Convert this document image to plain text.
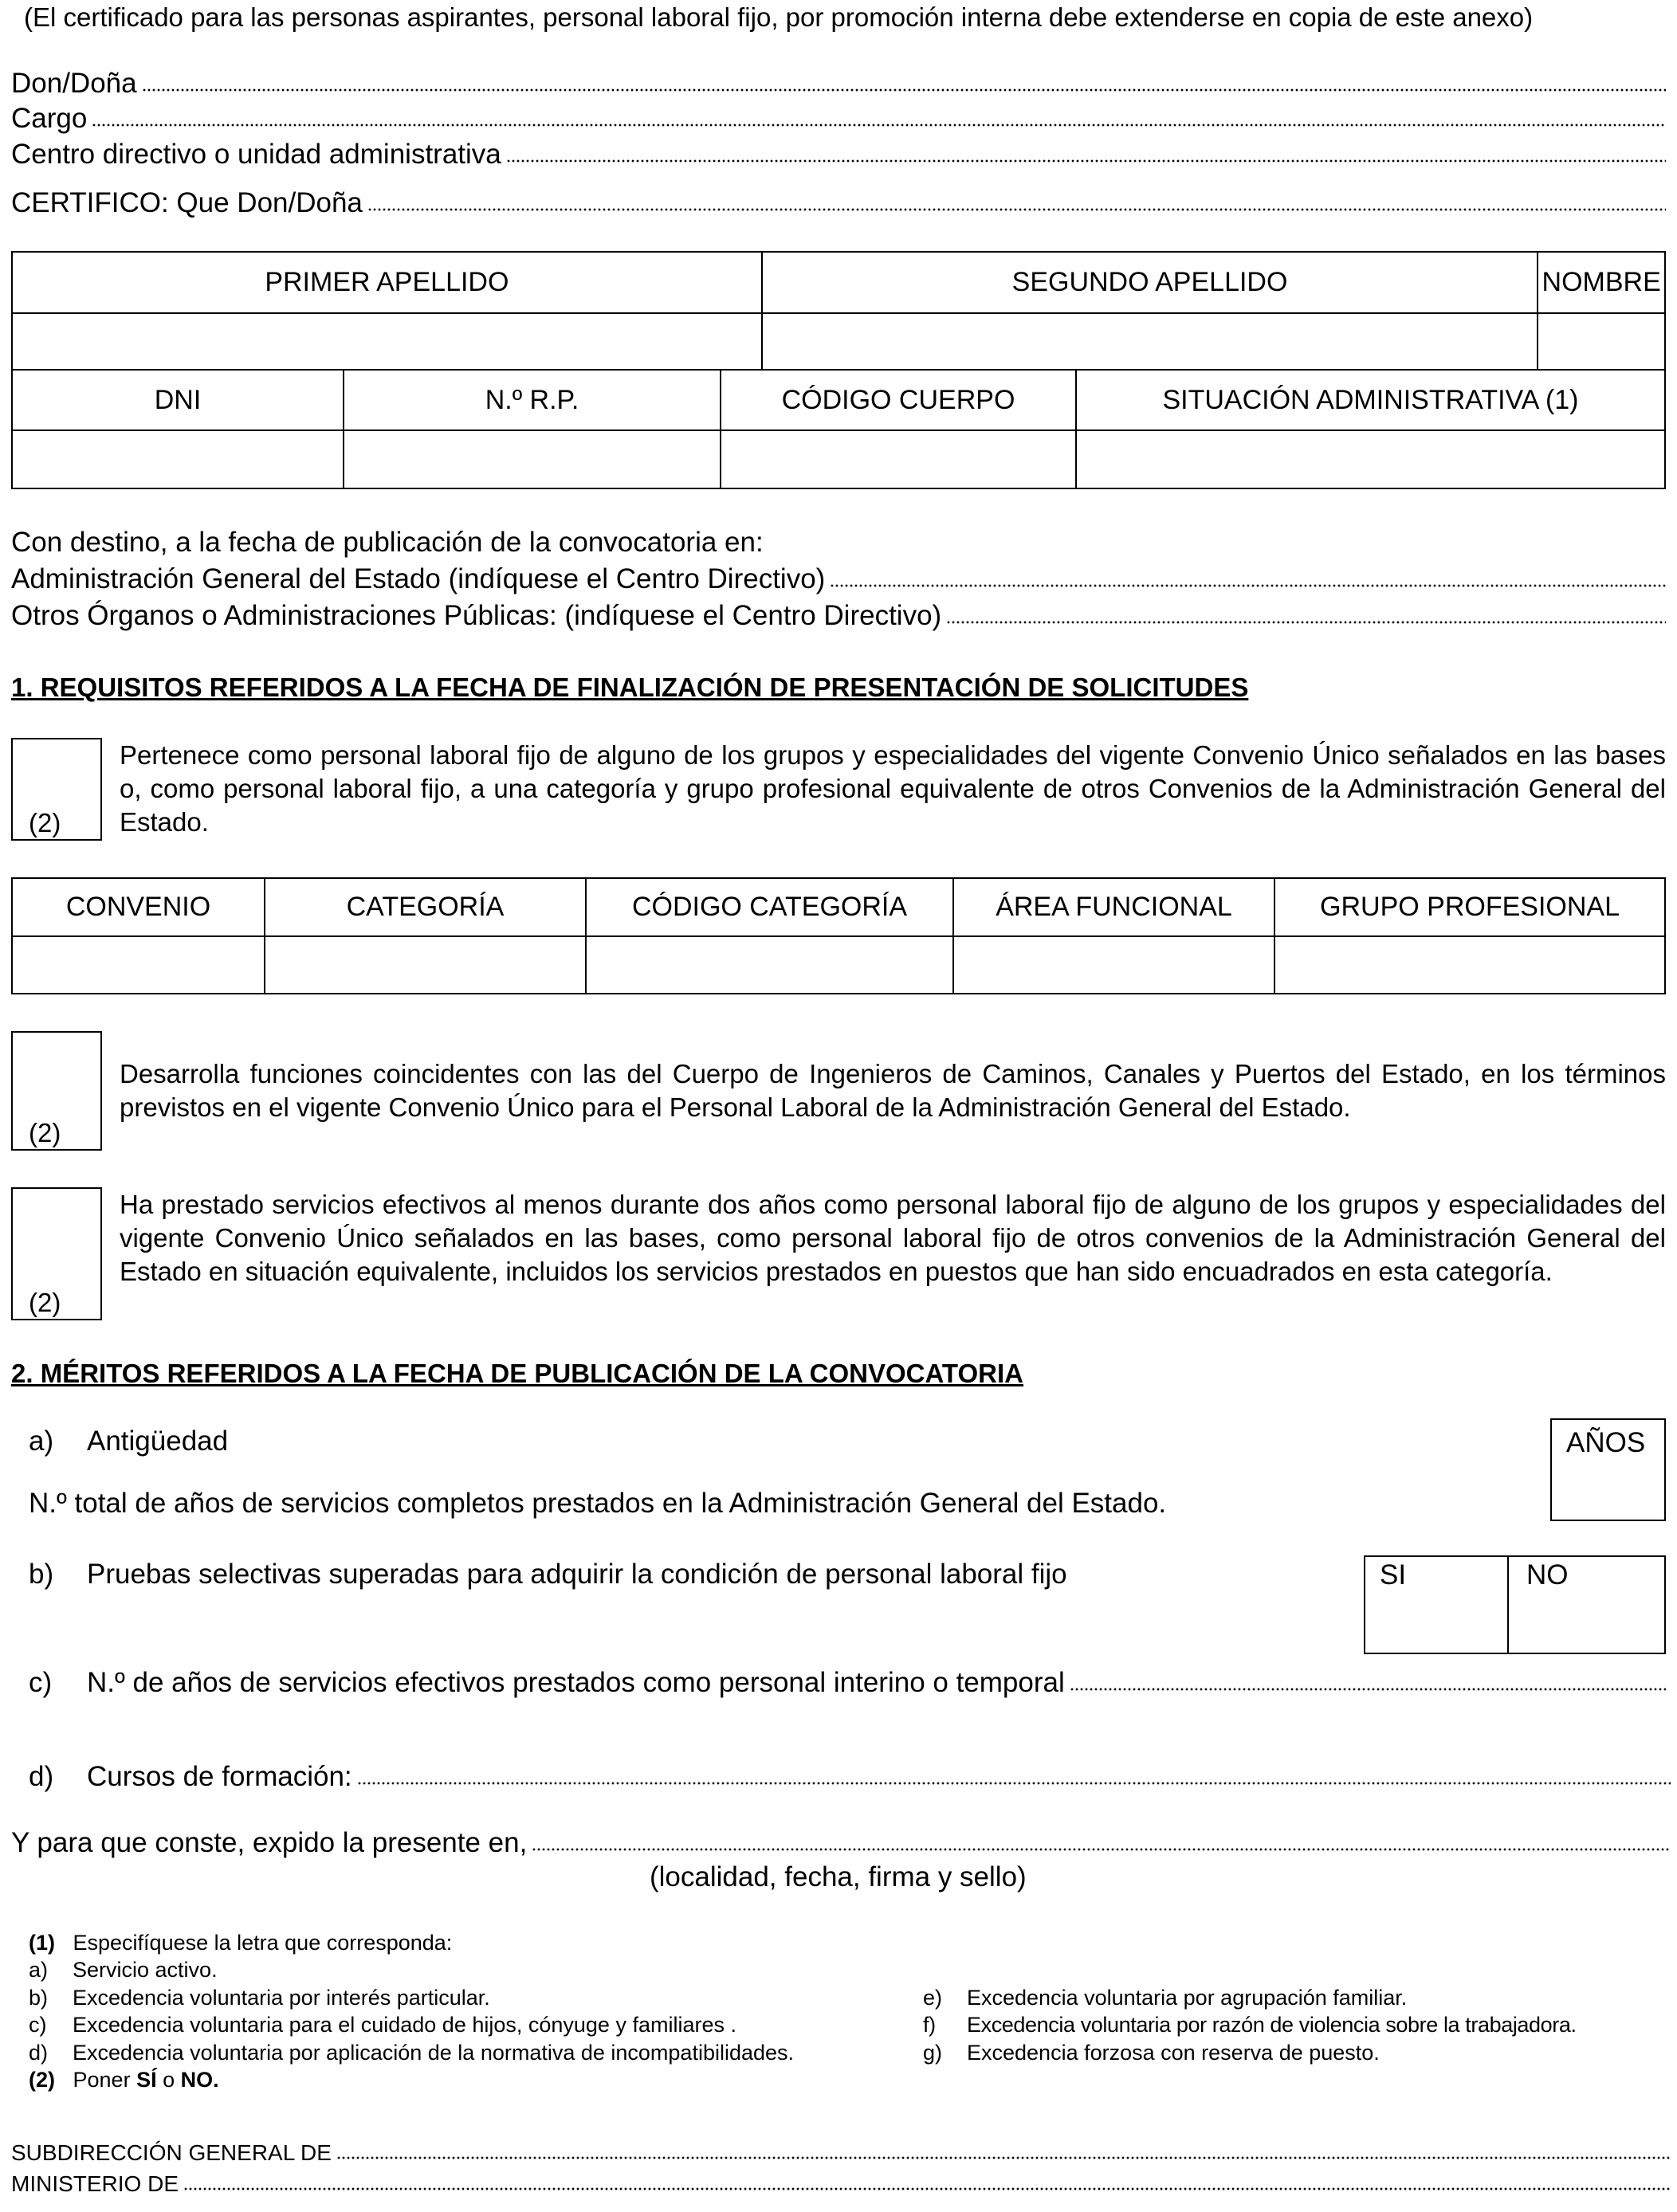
(El certificado para las personas aspirantes, personal laboral fijo, por promoción interna debe extenderse en copia de este anexo)
Don/Doña
Cargo
Centro directivo o unidad administrativa
CERTIFICO: Que Don/Doña
PRIMER APELLIDO	SEGUNDO APELLIDO	NOMBRE

DNI	N.º R.P.	CÓDIGO CUERPO	SITUACIÓN ADMINISTRATIVA (1)

Con destino, a la fecha de publicación de la convocatoria en:
Administración General del Estado (indíquese el Centro Directivo)
Otros Órganos o Administraciones Públicas: (indíquese el Centro Directivo)
1. REQUISITOS REFERIDOS A LA FECHA DE FINALIZACIÓN DE PRESENTACIÓN DE SOLICITUDES
(2)
Pertenece como personal laboral fijo de alguno de los grupos y especialidades del vigente Convenio Único señalados en las bases o, como personal laboral fijo, a una categoría y grupo profesional equivalente de otros Convenios de la Administración General del Estado.
CONVENIO	CATEGORÍA	CÓDIGO CATEGORÍA	ÁREA FUNCIONAL	GRUPO PROFESIONAL

(2)
Desarrolla funciones coincidentes con las del Cuerpo de Ingenieros de Caminos, Canales y Puertos del Estado, en los términos previstos en el vigente Convenio Único para el Personal Laboral de la Administración General del Estado.
(2)
Ha prestado servicios efectivos al menos durante dos años como personal laboral fijo de alguno de los grupos y especialidades del vigente Convenio Único señalados en las bases, como personal laboral fijo de otros convenios de la Administración General del Estado en situación equivalente, incluidos los servicios prestados en puestos que han sido encuadrados en esta categoría.
2. MÉRITOS REFERIDOS A LA FECHA DE PUBLICACIÓN DE LA CONVOCATORIA
a) Antigüedad	AÑOS
N.º total de años de servicios completos prestados en la Administración General del Estado.
b) Pruebas selectivas superadas para adquirir la condición de personal laboral fijo	SI	NO
c) N.º de años de servicios efectivos prestados como personal interino o temporal
d) Cursos de formación:
Y para que conste, expido la presente en,
(localidad, fecha, firma y sello)
(1) Especifíquese la letra que corresponda:
a) Servicio activo.
b) Excedencia voluntaria por interés particular.
c) Excedencia voluntaria para el cuidado de hijos, cónyuge y familiares .
d) Excedencia voluntaria por aplicación de la normativa de incompatibilidades.
e) Excedencia voluntaria por agrupación familiar.
f) Excedencia voluntaria por razón de violencia sobre la trabajadora.
g) Excedencia forzosa con reserva de puesto.
(2) Poner SÍ o NO.
SUBDIRECCIÓN GENERAL DE
MINISTERIO DE
